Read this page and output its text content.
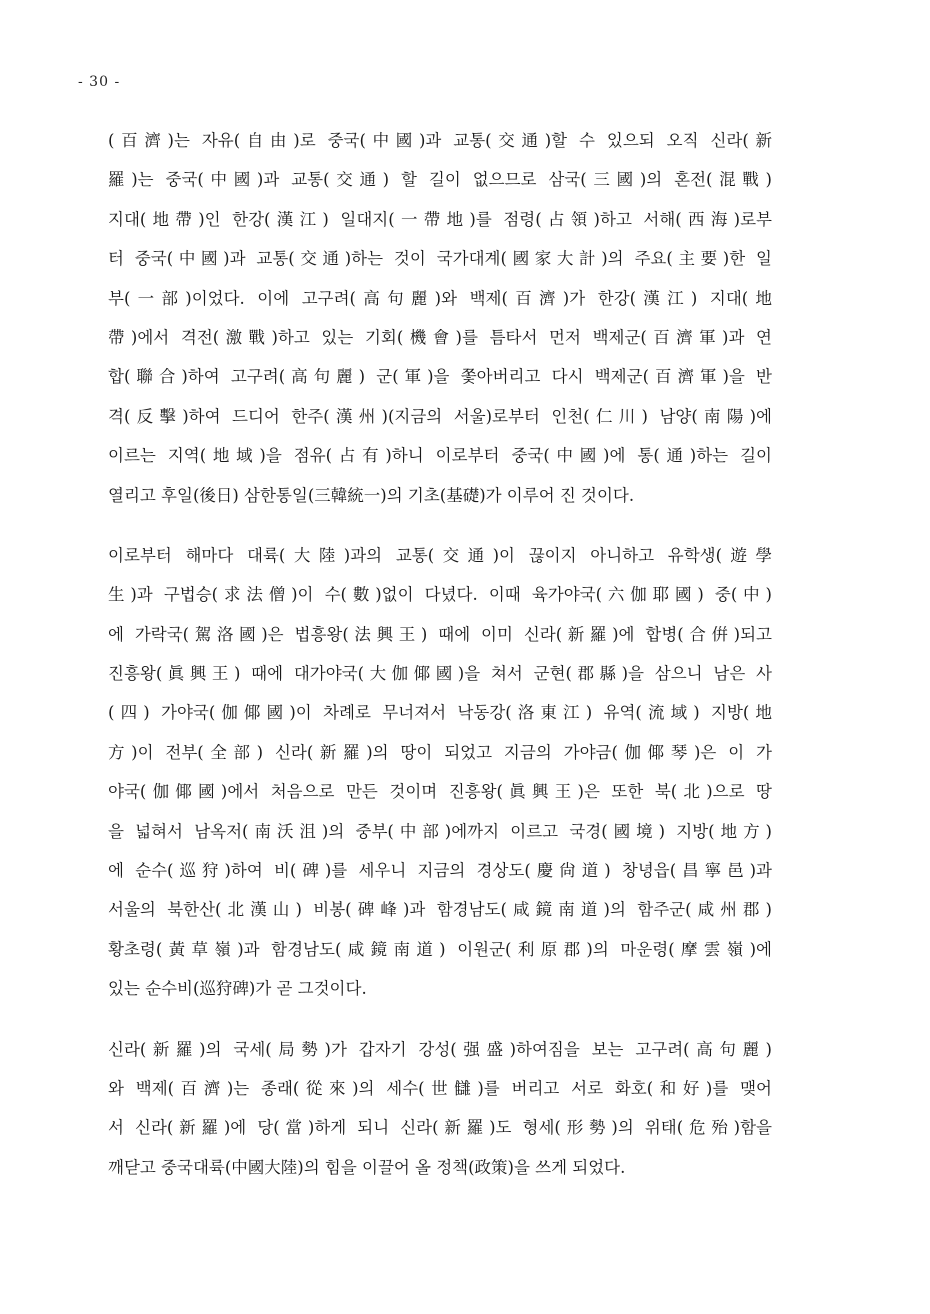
- 30 -
(百濟)는 자유(自由)로 중국(中國)과 교통(交通)할 수 있으되 오직 신라(新
羅)는 중국(中國)과 교통(交通) 할 길이 없으므로 삼국(三國)의 혼전(混戰)
지대(地帶)인 한강(漢江) 일대지(一帶地)를 점령(占領)하고 서해(西海)로부
터 중국(中國)과 교통(交通)하는 것이 국가대계(國家大計)의 주요(主要)한 일
부(一部)이었다. 이에 고구려(高句麗)와 백제(百濟)가 한강(漢江) 지대(地
帶)에서 격전(激戰)하고 있는 기회(機會)를 틈타서 먼저 백제군(百濟軍)과 연
합(聯合)하여 고구려(高句麗) 군(軍)을 쫓아버리고 다시 백제군(百濟軍)을 반
격(反擊)하여 드디어 한주(漢州)(지금의 서울)로부터 인천(仁川) 남양(南陽)에
이르는 지역(地域)을 점유(占有)하니 이로부터 중국(中國)에 통(通)하는 길이
열리고 후일(後日) 삼한통일(三韓統一)의 기초(基礎)가 이루어 진 것이다.
이로부터 해마다 대륙(大陸)과의 교통(交通)이 끊이지 아니하고 유학생(遊學
生)과 구법승(求法僧)이 수(數)없이 다녔다. 이때 육가야국(六伽耶國) 중(中)
에 가락국(駕洛國)은 법흥왕(法興王) 때에 이미 신라(新羅)에 합병(合倂)되고
진흥왕(眞興王) 때에 대가야국(大伽倻國)을 쳐서 군현(郡縣)을 삼으니 남은 사
(四) 가야국(伽倻國)이 차례로 무너져서 낙동강(洛東江) 유역(流域) 지방(地
方)이 전부(全部) 신라(新羅)의 땅이 되었고 지금의 가야금(伽倻琴)은 이 가
야국(伽倻國)에서 처음으로 만든 것이며 진흥왕(眞興王)은 또한 북(北)으로 땅
을 넓혀서 남옥저(南沃沮)의 중부(中部)에까지 이르고 국경(國境) 지방(地方)
에 순수(巡狩)하여 비(碑)를 세우니 지금의 경상도(慶尙道) 창녕읍(昌寧邑)과
서울의 북한산(北漢山) 비봉(碑峰)과 함경남도(咸鏡南道)의 함주군(咸州郡)
황초령(黃草嶺)과 함경남도(咸鏡南道) 이원군(利原郡)의 마운령(摩雲嶺)에
있는 순수비(巡狩碑)가 곧 그것이다.
신라(新羅)의 국세(局勢)가 갑자기 강성(强盛)하여짐을 보는 고구려(高句麗)
와 백제(百濟)는 종래(從來)의 세수(世讎)를 버리고 서로 화호(和好)를 맺어
서 신라(新羅)에 당(當)하게 되니 신라(新羅)도 형세(形勢)의 위태(危殆)함을
깨닫고 중국대륙(中國大陸)의 힘을 이끌어 올 정책(政策)을 쓰게 되었다.
